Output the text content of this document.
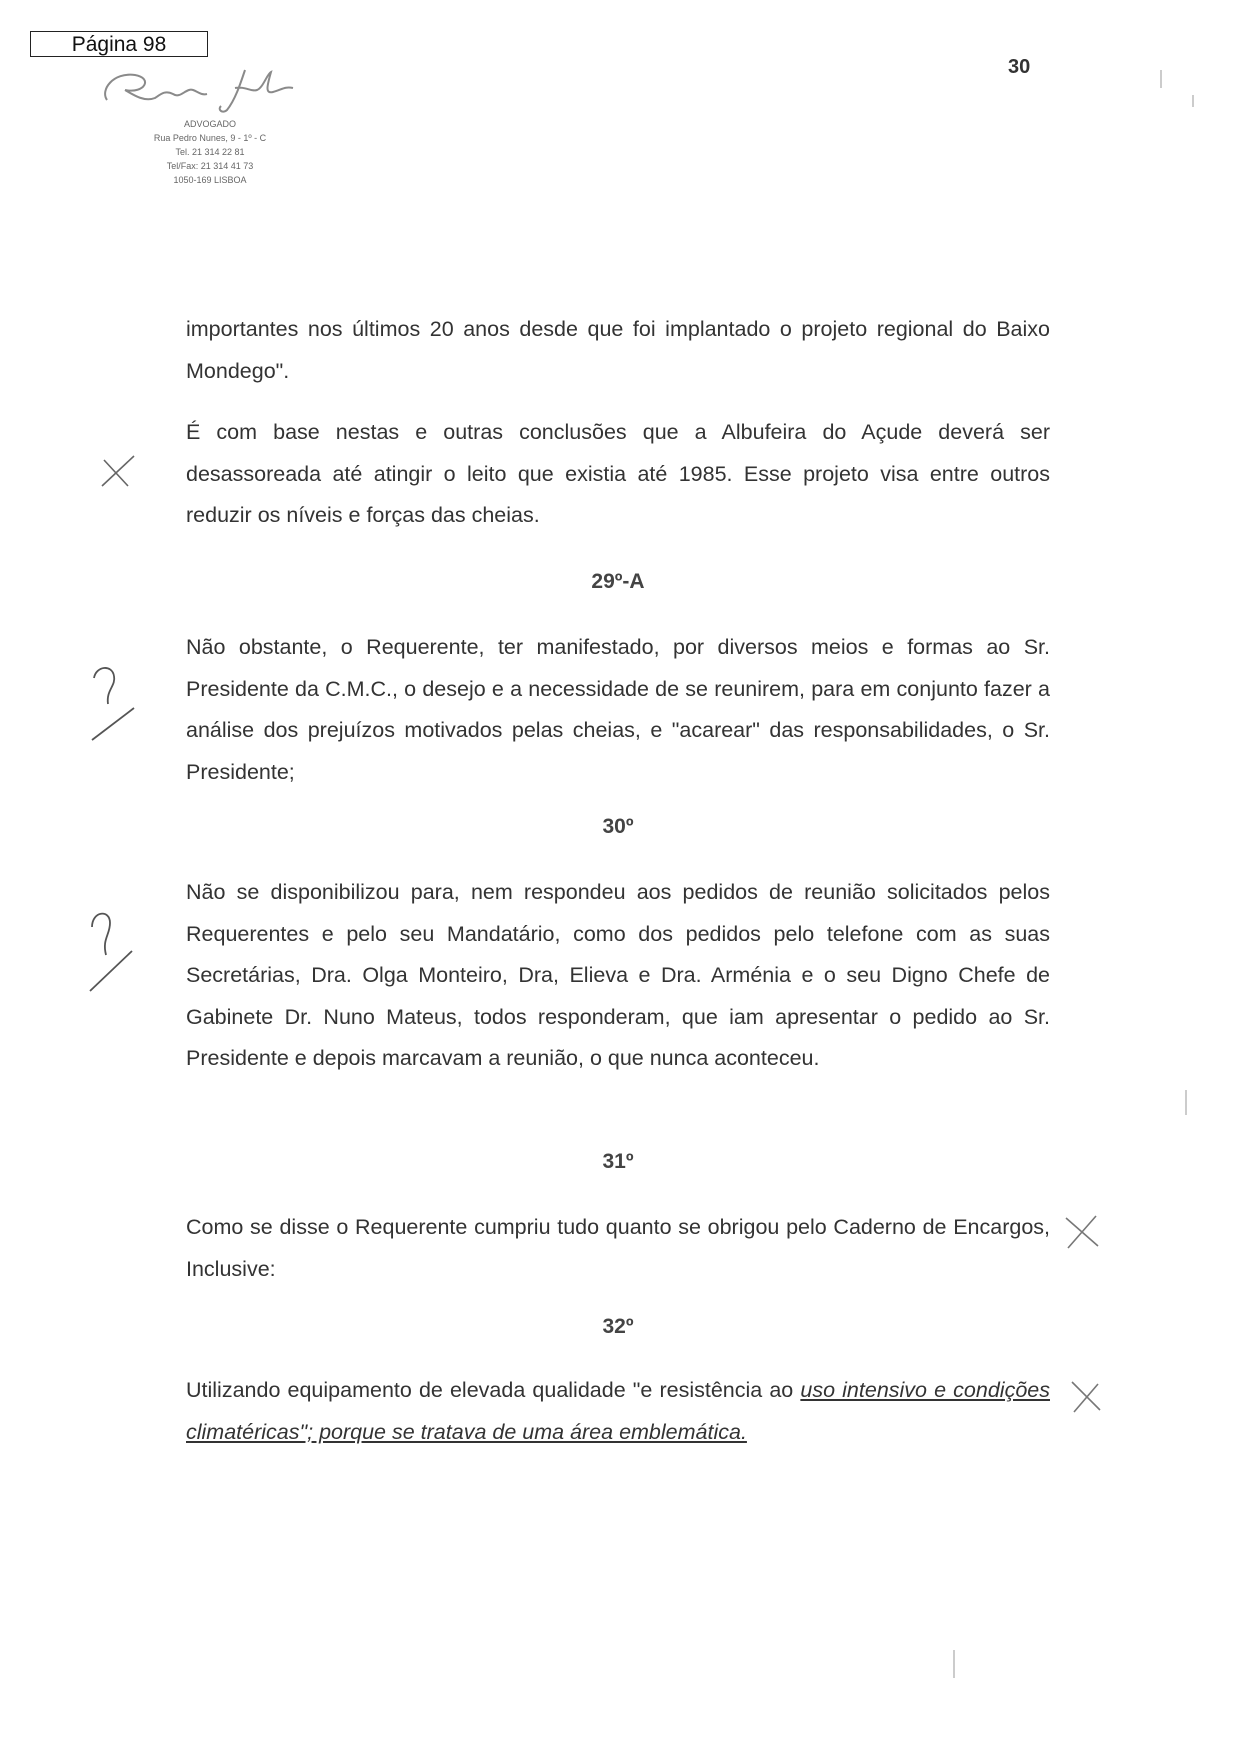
Página 98
30
ADVOGADO
Rua Pedro Nunes, 9 - 1º - C
Tel. 21 314 22 81
Tel/Fax: 21 314 41 73
1050-169 LISBOA

importantes nos últimos 20 anos desde que foi implantado o projeto regional do Baixo Mondego".

É com base nestas e outras conclusões que a Albufeira do Açude deverá ser desassoreada até atingir o leito que existia até 1985. Esse projeto visa entre outros reduzir os níveis e forças das cheias.

29º-A

Não obstante, o Requerente, ter manifestado, por diversos meios e formas ao Sr. Presidente da C.M.C., o desejo e a necessidade de se reunirem, para em conjunto fazer a análise dos prejuízos motivados pelas cheias, e "acarear" das responsabilidades, o Sr. Presidente;

30º

Não se disponibilizou para, nem respondeu aos pedidos de reunião solicitados pelos Requerentes e pelo seu Mandatário, como dos pedidos pelo telefone com as suas Secretárias, Dra. Olga Monteiro, Dra, Elieva e Dra. Arménia e o seu Digno Chefe de Gabinete Dr. Nuno Mateus, todos responderam, que iam apresentar o pedido ao Sr. Presidente e depois marcavam a reunião, o que nunca aconteceu.

31º

Como se disse o Requerente cumpriu tudo quanto se obrigou pelo Caderno de Encargos, Inclusive:

32º

Utilizando equipamento de elevada qualidade "e resistência ao uso intensivo e condições climatéricas"; porque se tratava de uma área emblemática.
